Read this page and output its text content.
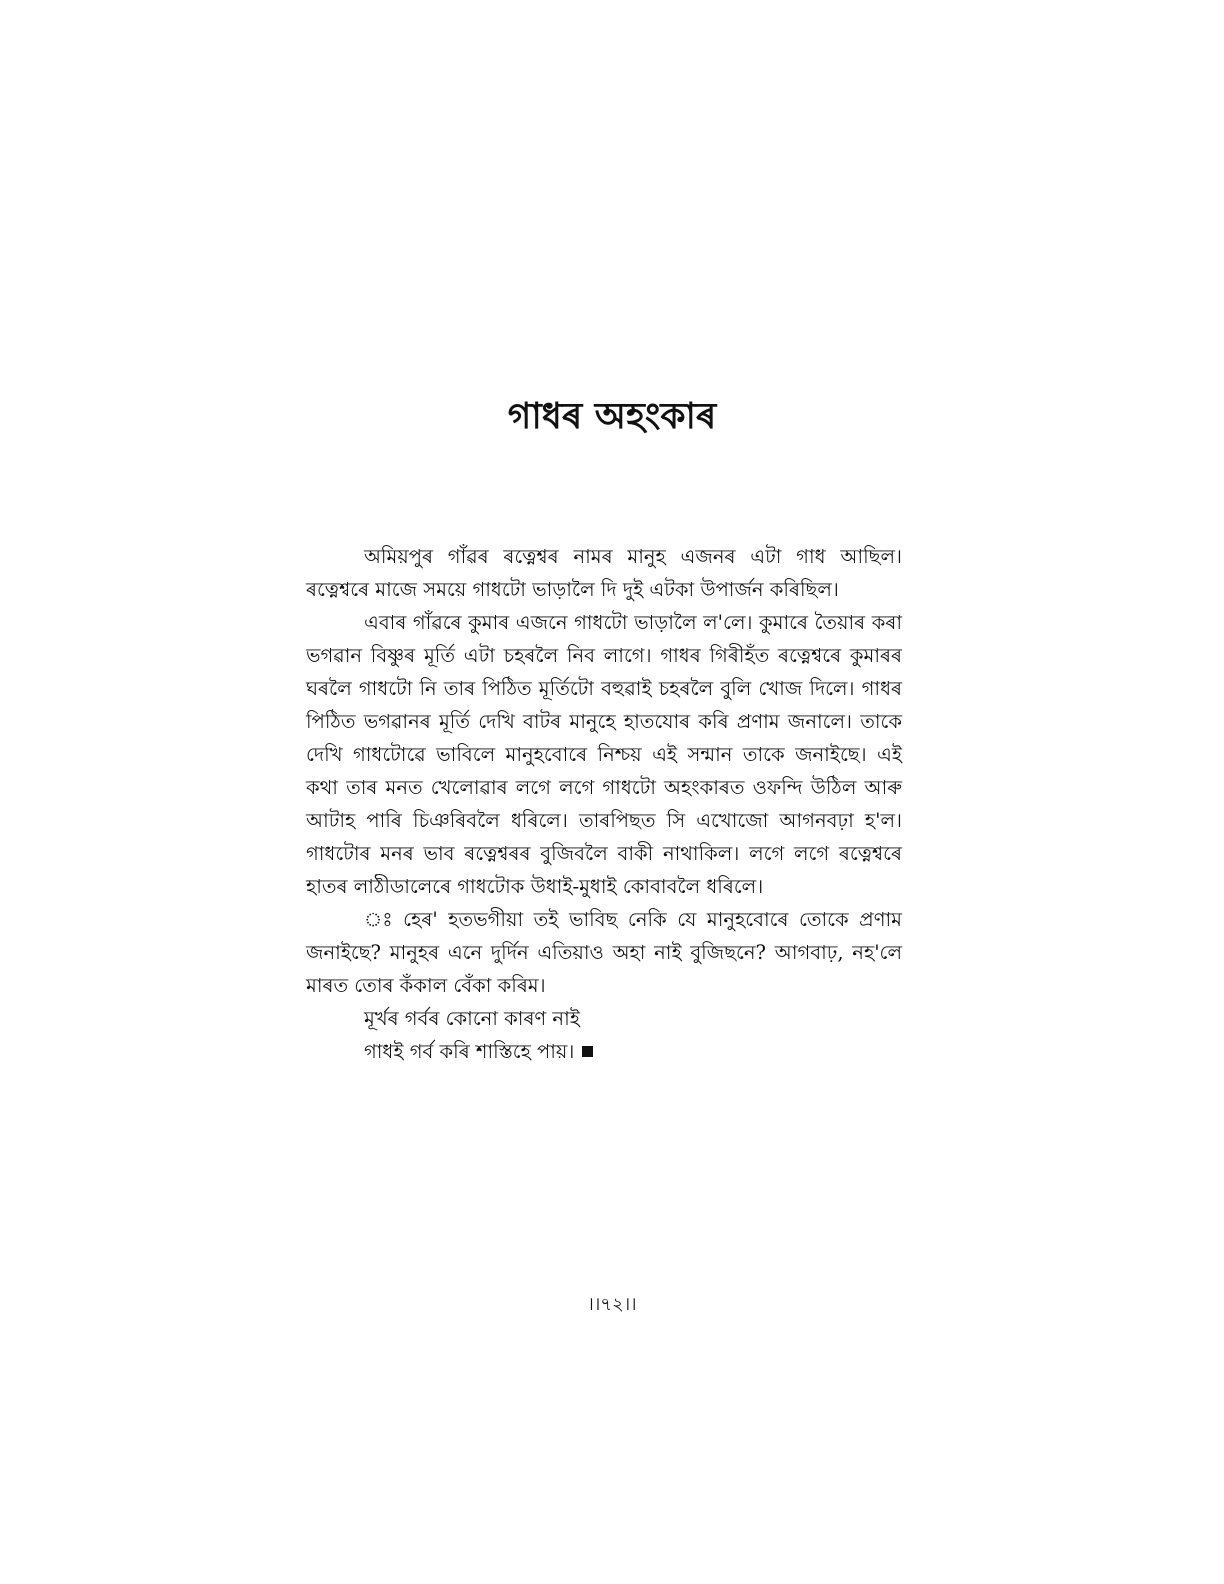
গাধৰ অহংকাৰ

অমিয়পুৰ গাঁৱৰ ৰত্নেশ্বৰ নামৰ মানুহ এজনৰ এটা গাধ আছিল। ৰত্নেশ্বৰে মাজে সময়ে গাধটো ভাড়ালৈ দি দুই এটকা উপাৰ্জন কৰিছিল।

এবাৰ গাঁৱৰে কুমাৰ এজনে গাধটো ভাড়ালৈ ল'লে। কুমাৰে তৈয়াৰ কৰা ভগৱান বিষ্ণুৰ মূৰ্তি এটা চহৰলৈ নিব লাগে। গাধৰ গিৰীহঁত ৰত্নেশ্বৰে কুমাৰৰ ঘৰলৈ গাধটো নি তাৰ পিঠিত মূৰ্তিটো বহুৱাই চহৰলৈ বুলি খোজ দিলে। গাধৰ পিঠিত ভগৱানৰ মূৰ্তি দেখি বাটৰ মানুহে হাতযোৰ কৰি প্ৰণাম জনালে। তাকে দেখি গাধটোৱে ভাবিলে মানুহবোৰে নিশ্চয় এই সন্মান তাকে জনাইছে। এই কথা তাৰ মনত খেলোৱাৰ লগে লগে গাধটো অহংকাৰত ওফন্দি উঠিল আৰু আটাহ পাৰি চিঞৰিবলৈ ধৰিলে। তাৰপিছত সি এখোজো আগনবঢ়া হ'ল। গাধটোৰ মনৰ ভাব ৰত্নেশ্বৰৰ বুজিবলৈ বাকী নাথাকিল। লগে লগে ৰত্নেশ্বৰে হাতৰ লাঠীডালেৰে গাধটোক উধাই-মুধাই কোবাবলৈ ধৰিলে।

ঃ হেৰ' হতভগীয়া তই ভাবিছ নেকি যে মানুহবোৰে তোকে প্ৰণাম জনাইছে? মানুহৰ এনে দুৰ্দিন এতিয়াও অহা নাই বুজিছনে? আগবাঢ়, নহ'লে মাৰত তোৰ কঁকাল বেঁকা কৰিম।

মূৰ্খৰ গৰ্বৰ কোনো কাৰণ নাই
গাধই গৰ্ব কৰি শাস্তিহে পায়।

।।৭২।।
